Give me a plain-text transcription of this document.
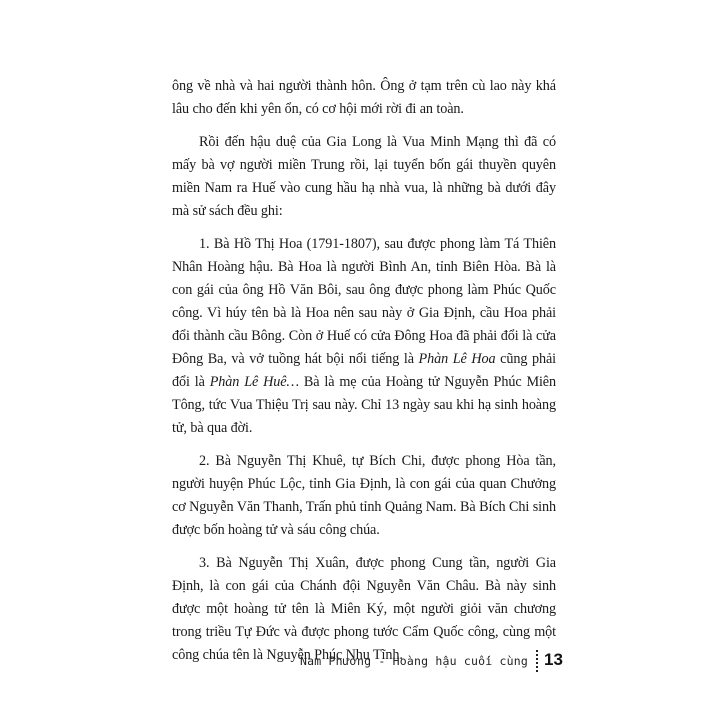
ông về nhà và hai người thành hôn. Ông ở tạm trên cù lao này khá lâu cho đến khi yên ổn, có cơ hội mới rời đi an toàn.

Rồi đến hậu duệ của Gia Long là Vua Minh Mạng thì đã có mấy bà vợ người miền Trung rồi, lại tuyển bốn gái thuyền quyên miền Nam ra Huế vào cung hầu hạ nhà vua, là những bà dưới đây mà sử sách đều ghi:

1. Bà Hồ Thị Hoa (1791-1807), sau được phong làm Tá Thiên Nhân Hoàng hậu. Bà Hoa là người Bình An, tỉnh Biên Hòa. Bà là con gái của ông Hồ Văn Bôi, sau ông được phong làm Phúc Quốc công. Vì húy tên bà là Hoa nên sau này ở Gia Định, cầu Hoa phải đổi thành cầu Bông. Còn ở Huế có cửa Đông Hoa đã phải đổi là cửa Đông Ba, và vở tuồng hát bội nổi tiếng là Phàn Lê Hoa cũng phải đổi là Phàn Lê Huê… Bà là mẹ của Hoàng tử Nguyễn Phúc Miên Tông, tức Vua Thiệu Trị sau này. Chỉ 13 ngày sau khi hạ sinh hoàng tử, bà qua đời.

2. Bà Nguyễn Thị Khuê, tự Bích Chi, được phong Hòa tần, người huyện Phúc Lộc, tỉnh Gia Định, là con gái của quan Chưởng cơ Nguyễn Văn Thanh, Trấn phủ tỉnh Quảng Nam. Bà Bích Chi sinh được bốn hoàng tử và sáu công chúa.

3. Bà Nguyễn Thị Xuân, được phong Cung tần, người Gia Định, là con gái của Chánh đội Nguyễn Văn Châu. Bà này sinh được một hoàng tử tên là Miên Ký, một người giỏi văn chương trong triều Tự Đức và được phong tước Cẩm Quốc công, cùng một công chúa tên là Nguyễn Phúc Nhu Tĩnh.

Nam Phương - Hoàng hậu cuối cùng 13
